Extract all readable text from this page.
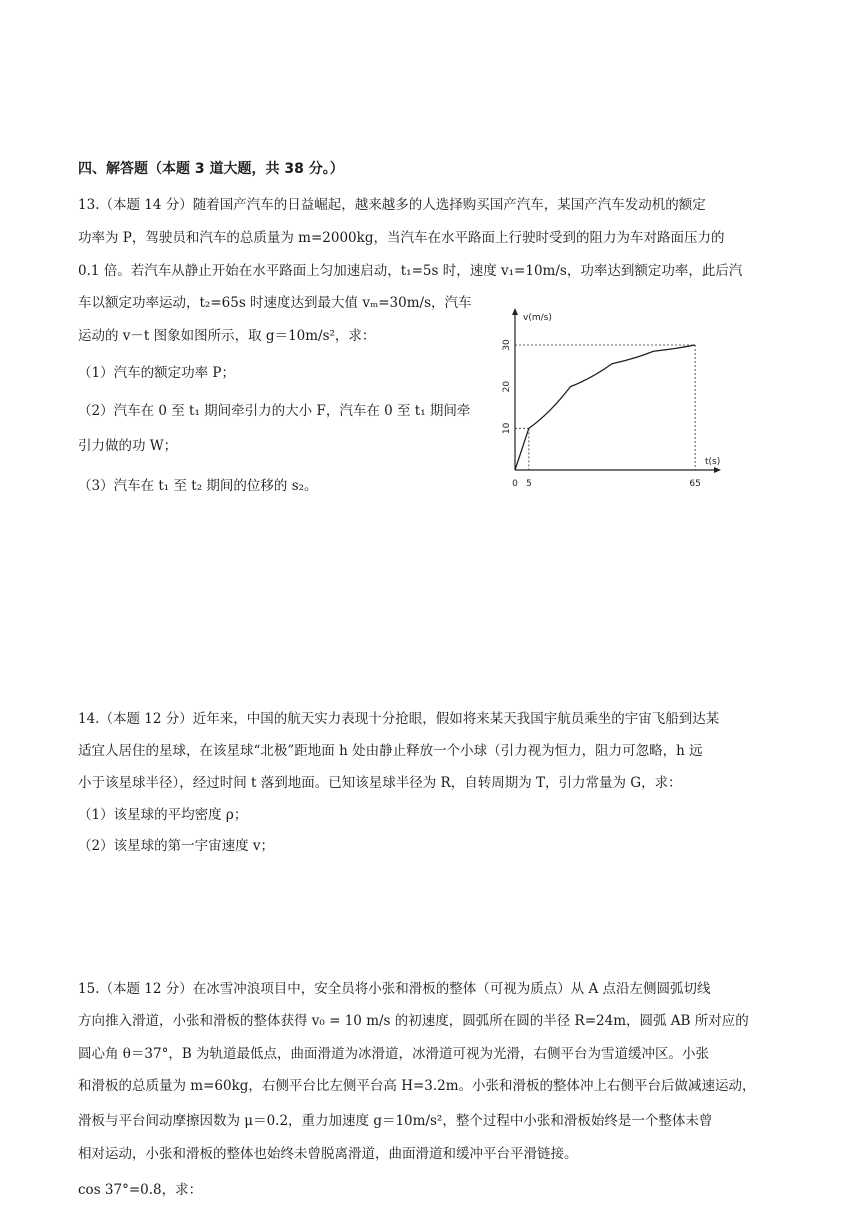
四、解答题（本题 3 道大题，共 38 分。）
13.（本题 14 分）随着国产汽车的日益崛起，越来越多的人选择购买国产汽车，某国产汽车发动机的额定
功率为 P，驾驶员和汽车的总质量为 m=2000kg，当汽车在水平路面上行驶时受到的阻力为车对路面压力的
0.1 倍。若汽车从静止开始在水平路面上匀加速启动，t₁=5s 时，速度 v₁=10m/s，功率达到额定功率，此后汽
车以额定功率运动，t₂=65s 时速度达到最大值 vₘ=30m/s，汽车
运动的 v－t 图象如图所示，取 g＝10m/s²，求：
（1）汽车的额定功率 P；
（2）汽车在 0 至 t₁ 期间牵引力的大小 F，汽车在 0 至 t₁ 期间牵
引力做的功 W；
（3）汽车在 t₁ 至 t₂ 期间的位移的 s₂。	0 5	65
10
20
30
v(m/s)
t(s)
14.（本题 12 分）近年来，中国的航天实力表现十分抢眼，假如将来某天我国宇航员乘坐的宇宙飞船到达某
适宜人居住的星球，在该星球“北极”距地面 h 处由静止释放一个小球（引力视为恒力，阻力可忽略，h 远
小于该星球半径），经过时间 t 落到地面。已知该星球半径为 R，自转周期为 T，引力常量为 G，求：
（1）该星球的平均密度 ρ；
（2）该星球的第一宇宙速度 v；
15.（本题 12 分）在冰雪冲浪项目中，安全员将小张和滑板的整体（可视为质点）从 A 点沿左侧圆弧切线
方向推入滑道，小张和滑板的整体获得 v₀ = 10 m/s 的初速度，圆弧所在圆的半径 R=24m，圆弧 AB 所对应的
圆心角 θ＝37°，B 为轨道最低点，曲面滑道为冰滑道，冰滑道可视为光滑，右侧平台为雪道缓冲区。小张
和滑板的总质量为 m=60kg，右侧平台比左侧平台高 H=3.2m。小张和滑板的整体冲上右侧平台后做减速运动，
滑板与平台间动摩擦因数为 μ＝0.2，重力加速度 g＝10m/s²，整个过程中小张和滑板始终是一个整体未曾
相对运动，小张和滑板的整体也始终未曾脱离滑道，曲面滑道和缓冲平台平滑链接。
cos 37°=0.8，求：
